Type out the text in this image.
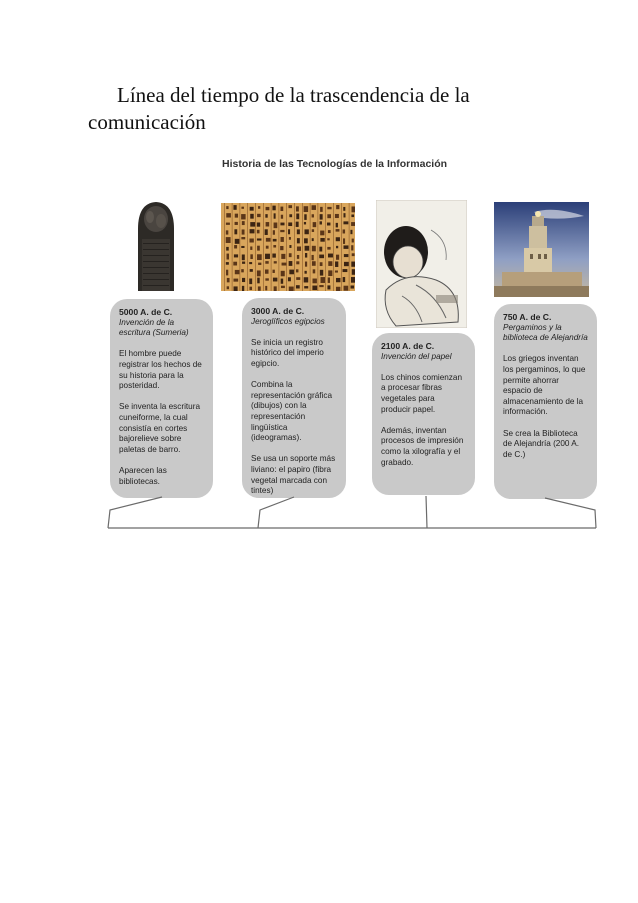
Línea del tiempo de la trascendencia de la comunicación
Historia de las Tecnologías de la Información
5000 A. de C.
Invención de la escritura (Sumeria)

El hombre puede registrar los hechos de su historia para la posteridad.

Se inventa la escritura cuneiforme, la cual consistía en cortes bajorelieve sobre paletas de barro.

Aparecen las bibliotecas.

3000 A. de C.
Jeroglíficos egipcios

Se inicia un registro histórico del imperio egipcio.

Combina la representación gráfica (dibujos) con la representación lingüística (ideogramas).

Se usa un soporte más liviano: el papiro (fibra vegetal marcada con tintes)

2100 A. de C.
Invención del papel

Los chinos comienzan a procesar fibras vegetales para producir papel.

Además, inventan procesos de impresión como la xilografía y el grabado.

750 A. de C.
Pergaminos y la biblioteca de Alejandría

Los griegos inventan los pergaminos, lo que permite ahorrar espacio de almacenamiento de la información.

Se crea la Biblioteca de Alejandría (200 A. de C.)
